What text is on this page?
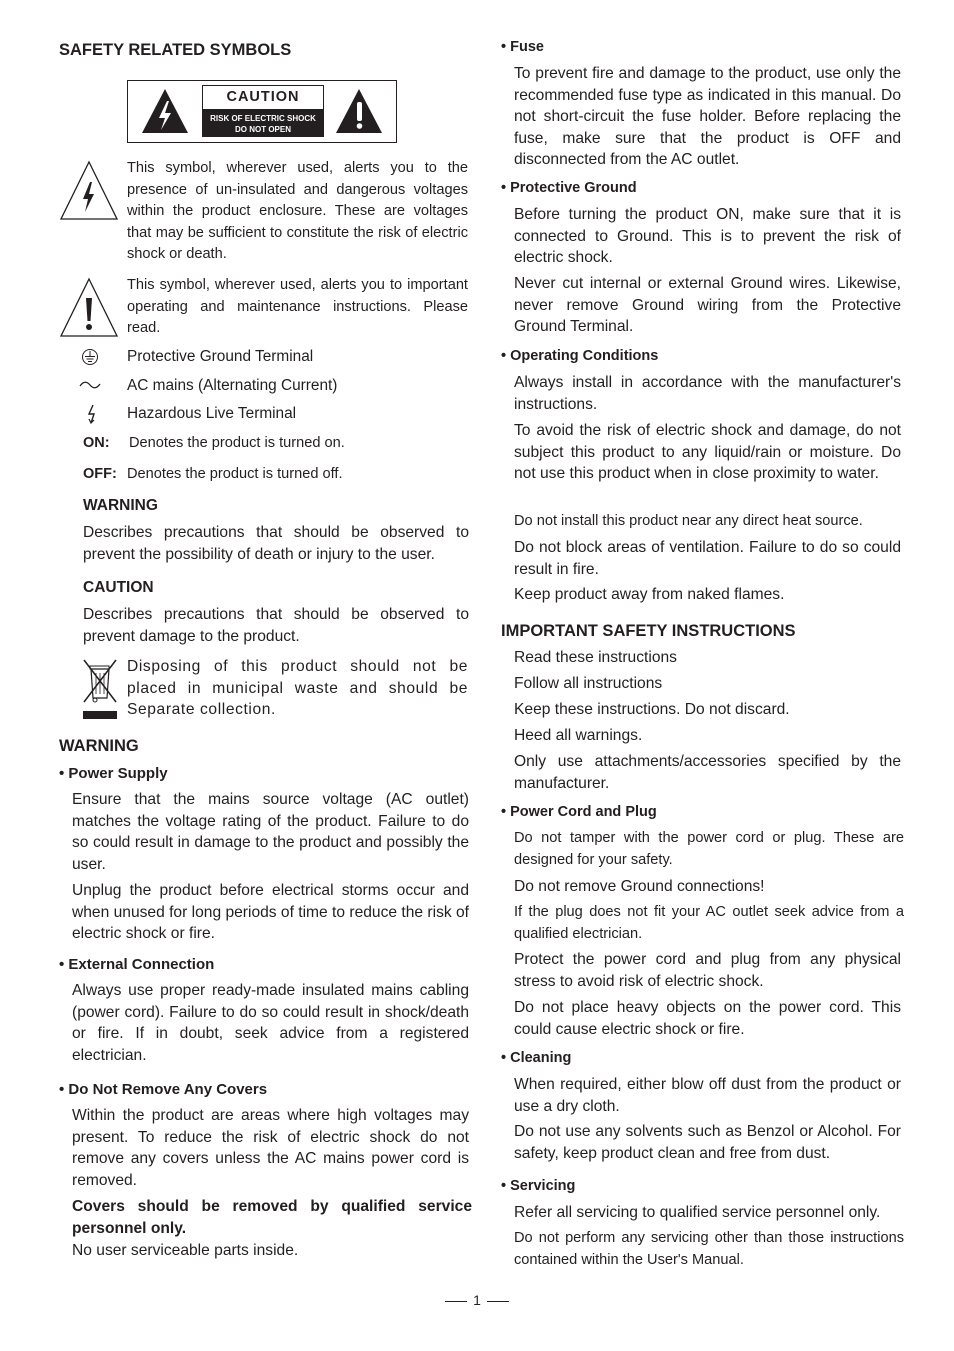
SAFETY RELATED SYMBOLS
CAUTION
RISK OF ELECTRIC SHOCK
DO NOT OPEN

This symbol, wherever used, alerts you to the presence of un-insulated and dangerous voltages within the product enclosure. These are voltages that may be sufficient to constitute the risk of electric shock or death.

This symbol, wherever used, alerts you to important operating and maintenance instructions. Please read.

Protective Ground Terminal
AC mains (Alternating Current)
Hazardous Live Terminal
ON: Denotes the product is turned on.
OFF: Denotes the product is turned off.
WARNING

Describes precautions that should be observed to prevent the possibility of death or injury to the user.

CAUTION

Describes precautions that should be observed to prevent damage to the product.

Disposing of this product should not be placed in municipal waste and should be Separate collection.

WARNING
• Power Supply

Ensure that the mains source voltage (AC outlet) matches the voltage rating of the product. Failure to do so could result in damage to the product and possibly the user.

Unplug the product before electrical storms occur and when unused for long periods of time to reduce the risk of electric shock or fire.

• External Connection

Always use proper ready-made insulated mains cabling (power cord). Failure to do so could result in shock/death or fire. If in doubt, seek advice from a registered electrician.

• Do Not Remove Any Covers

Within the product are areas where high voltages may present. To reduce the risk of electric shock do not remove any covers unless the AC mains power cord is removed.

Covers should be removed by qualified service personnel only.

No user serviceable parts inside.

• Fuse

To prevent fire and damage to the product, use only the recommended fuse type as indicated in this manual. Do not short-circuit the fuse holder. Before replacing the fuse, make sure that the product is OFF and disconnected from the AC outlet.

• Protective Ground

Before turning the product ON, make sure that it is connected to Ground. This is to prevent the risk of electric shock.

Never cut internal or external Ground wires. Likewise, never remove Ground wiring from the Protective Ground Terminal.

• Operating Conditions

Always install in accordance with the manufacturer's instructions.

To avoid the risk of electric shock and damage, do not subject this product to any liquid/rain or moisture. Do not use this product when in close proximity to water.

Do not install this product near any direct heat source.

Do not block areas of ventilation. Failure to do so could result in fire.

Keep product away from naked flames.

IMPORTANT SAFETY INSTRUCTIONS

Read these instructions

Follow all instructions

Keep these instructions. Do not discard.

Heed all warnings.

Only use attachments/accessories specified by the manufacturer.

• Power Cord and Plug

Do not tamper with the power cord or plug. These are designed for your safety.

Do not remove Ground connections!

If the plug does not fit your AC outlet seek advice from a qualified electrician.

Protect the power cord and plug from any physical stress to avoid risk of electric shock.

Do not place heavy objects on the power cord. This could cause electric shock or fire.

• Cleaning

When required, either blow off dust from the product or use a dry cloth.

Do not use any solvents such as Benzol or Alcohol. For safety, keep product clean and free from dust.

• Servicing

Refer all servicing to qualified service personnel only.

Do not perform any servicing other than those instructions contained within the User's Manual.

1
